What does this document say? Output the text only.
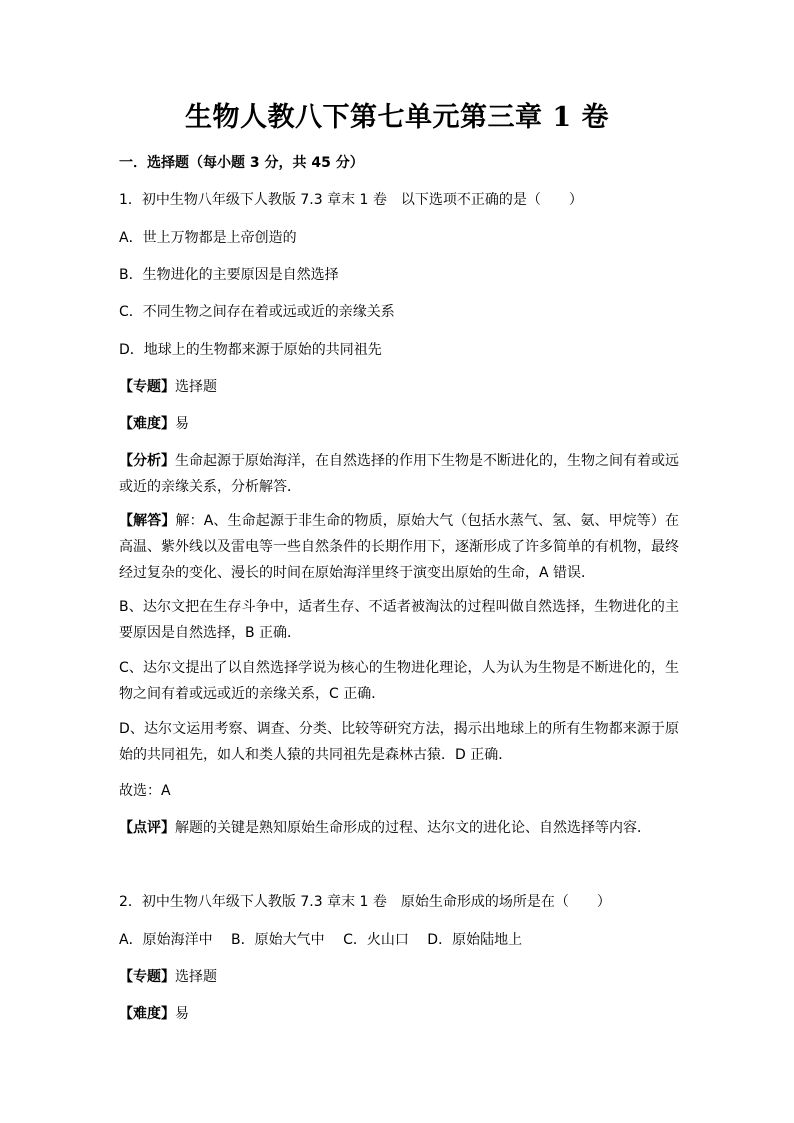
生物人教八下第七单元第三章 1 卷
一．选择题（每小题 3 分，共 45 分）
1．初中生物八年级下人教版 7.3 章末 1 卷　以下选项不正确的是（　　）
A．世上万物都是上帝创造的
B．生物进化的主要原因是自然选择
C．不同生物之间存在着或远或近的亲缘关系
D．地球上的生物都来源于原始的共同祖先
【专题】选择题
【难度】易
【分析】生命起源于原始海洋，在自然选择的作用下生物是不断进化的，生物之间有着或远或近的亲缘关系，分析解答．
【解答】解：A、生命起源于非生命的物质，原始大气（包括水蒸气、氢、氨、甲烷等）在高温、紫外线以及雷电等一些自然条件的长期作用下，逐渐形成了许多简单的有机物，最终经过复杂的变化、漫长的时间在原始海洋里终于演变出原始的生命，A 错误．
B、达尔文把在生存斗争中，适者生存、不适者被淘汰的过程叫做自然选择，生物进化的主要原因是自然选择，B 正确．
C、达尔文提出了以自然选择学说为核心的生物进化理论，人为认为生物是不断进化的，生物之间有着或远或近的亲缘关系，C 正确．
D、达尔文运用考察、调查、分类、比较等研究方法，揭示出地球上的所有生物都来源于原始的共同祖先，如人和类人猿的共同祖先是森林古猿．D 正确．
故选：A
【点评】解题的关键是熟知原始生命形成的过程、达尔文的进化论、自然选择等内容．
2．初中生物八年级下人教版 7.3 章末 1 卷　原始生命形成的场所是在（　　）
A．原始海洋中　 B．原始大气中　 C．火山口　 D．原始陆地上
【专题】选择题
【难度】易
